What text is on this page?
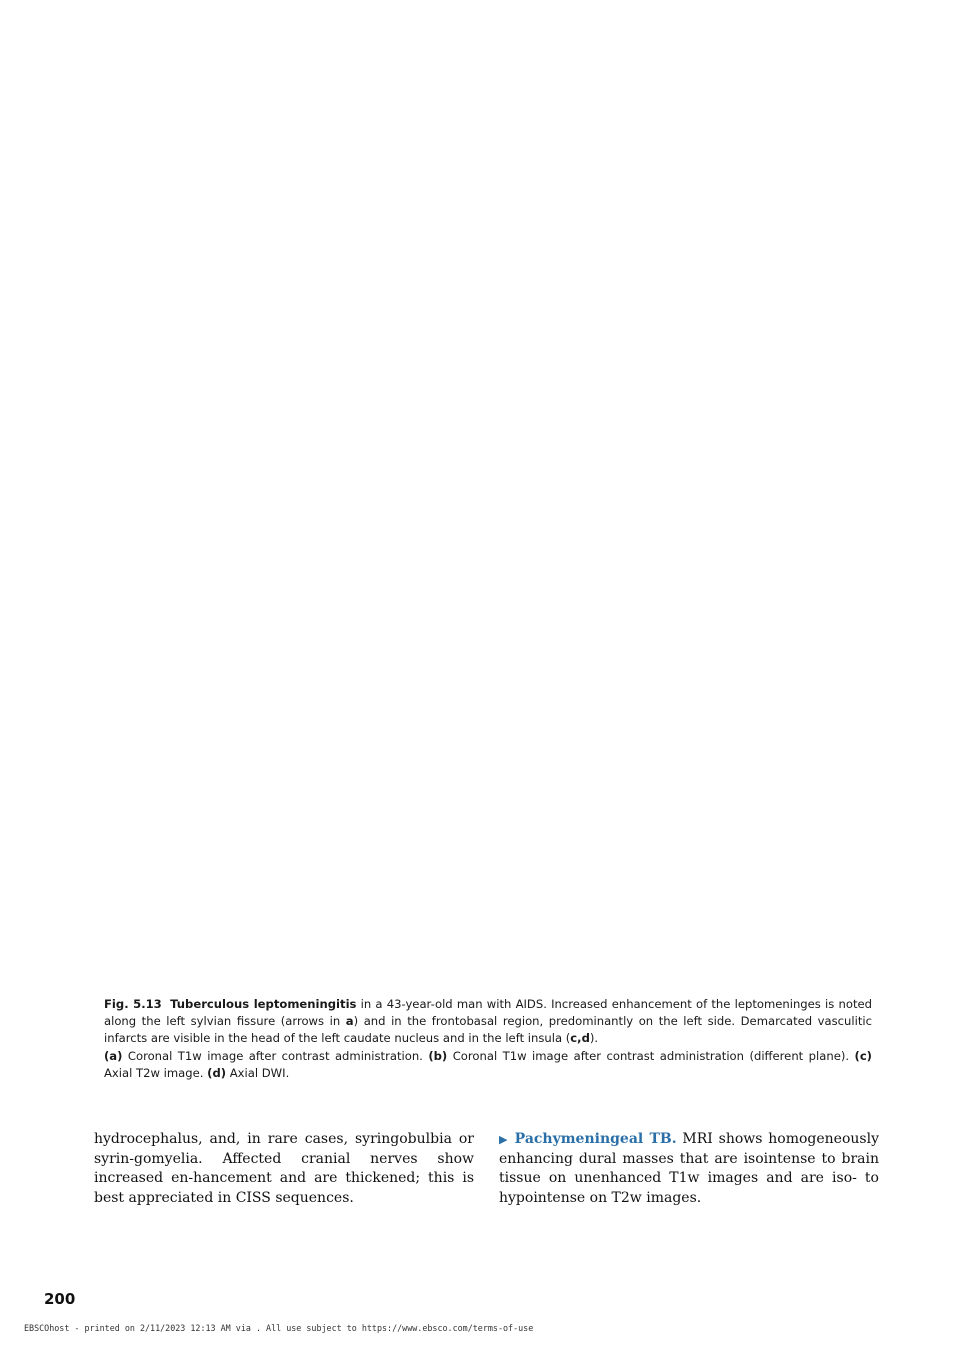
Fig. 5.13 Tuberculous leptomeningitis in a 43-year-old man with AIDS. Increased enhancement of the leptomeninges is noted along the left sylvian fissure (arrows in a) and in the frontobasal region, predominantly on the left side. Demarcated vasculitic infarcts are visible in the head of the left caudate nucleus and in the left insula (c,d).

(a) Coronal T1w image after contrast administration. (b) Coronal T1w image after contrast administration (different plane). (c) Axial T2w image. (d) Axial DWI.

hydrocephalus, and, in rare cases, syringobulbia or syrin-gomyelia. Affected cranial nerves show increased en-hancement and are thickened; this is best appreciated in CISS sequences.
▶ Pachymeningeal TB. MRI shows homogeneously enhancing dural masses that are isointense to brain tissue on unenhanced T1w images and are iso- to hypointense on T2w images.
200
EBSCOhost - printed on 2/11/2023 12:13 AM via . All use subject to https://www.ebsco.com/terms-of-use
